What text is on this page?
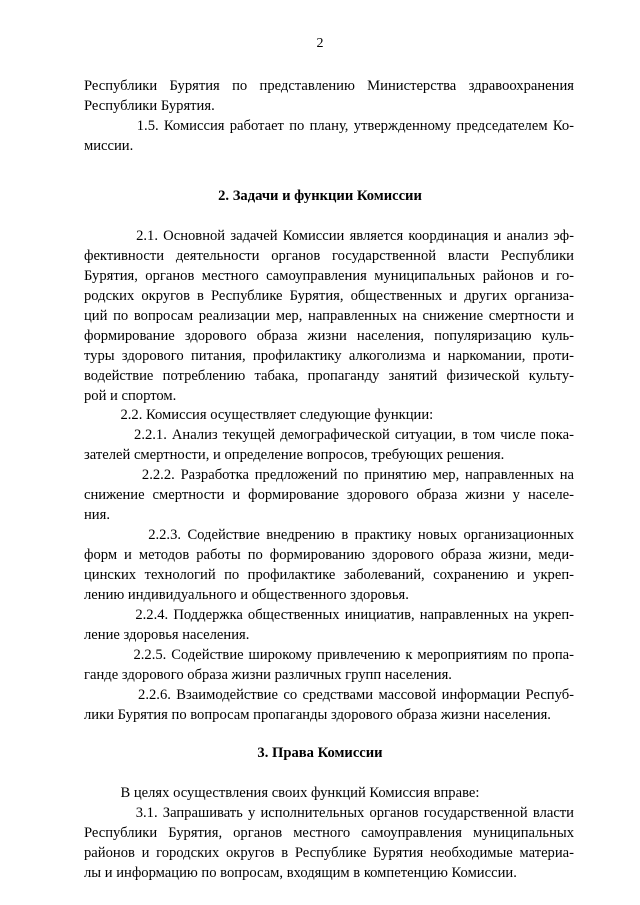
2
Республики Бурятия по представлению Министерства здравоохранения
Республики Бурятия.
1.5. Комиссия работает по плану, утвержденному председателем Ко-
миссии.
2. Задачи и функции Комиссии
2.1. Основной задачей Комиссии является координация и анализ эф-
фективности деятельности органов государственной власти Республики
Бурятия, органов местного самоуправления муниципальных районов и го-
родских округов в Республике Бурятия, общественных и других организа-
ций по вопросам реализации мер, направленных на снижение смертности и
формирование здорового образа жизни населения, популяризацию куль-
туры здорового питания, профилактику алкоголизма и наркомании, проти-
водействие потреблению табака, пропаганду занятий физической культу-
рой и спортом.
2.2. Комиссия осуществляет следующие функции:
2.2.1. Анализ текущей демографической ситуации, в том числе пока-
зателей смертности, и определение вопросов, требующих решения.
2.2.2. Разработка предложений по принятию мер, направленных на
снижение смертности и формирование здорового образа жизни у населе-
ния.
2.2.3. Содействие внедрению в практику новых организационных
форм и методов работы по формированию здорового образа жизни, меди-
цинских технологий по профилактике заболеваний, сохранению и укреп-
лению индивидуального и общественного здоровья.
2.2.4. Поддержка общественных инициатив, направленных на укреп-
ление здоровья населения.
2.2.5. Содействие широкому привлечению к мероприятиям по пропа-
ганде здорового образа жизни различных групп населения.
2.2.6. Взаимодействие со средствами массовой информации Респуб-
лики Бурятия по вопросам пропаганды здорового образа жизни населения.
3. Права Комиссии
В целях осуществления своих функций Комиссия вправе:
3.1. Запрашивать у исполнительных органов государственной власти
Республики Бурятия, органов местного самоуправления муниципальных
районов и городских округов в Республике Бурятия необходимые материа-
лы и информацию по вопросам, входящим в компетенцию Комиссии.
